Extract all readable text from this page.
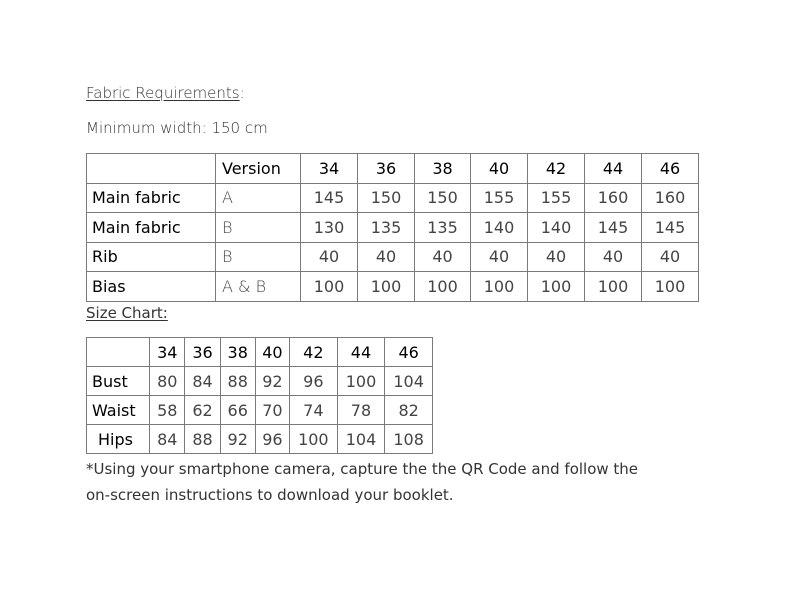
Fabric Requirements:
Minimum width: 150 cm
	Version	34	36	38	40	42	44	46
Main fabric	A	145	150	150	155	155	160	160
Main fabric	B	130	135	135	140	140	145	145
Rib	B	40	40	40	40	40	40	40
Bias	A & B	100	100	100	100	100	100	100
Size Chart:
	34	36	38	40	42	44	46
Bust	80	84	88	92	96	100	104
Waist	58	62	66	70	74	78	82
Hips	84	88	92	96	100	104	108
*Using your smartphone camera, capture the the QR Code and follow the on-screen instructions to download your booklet.
